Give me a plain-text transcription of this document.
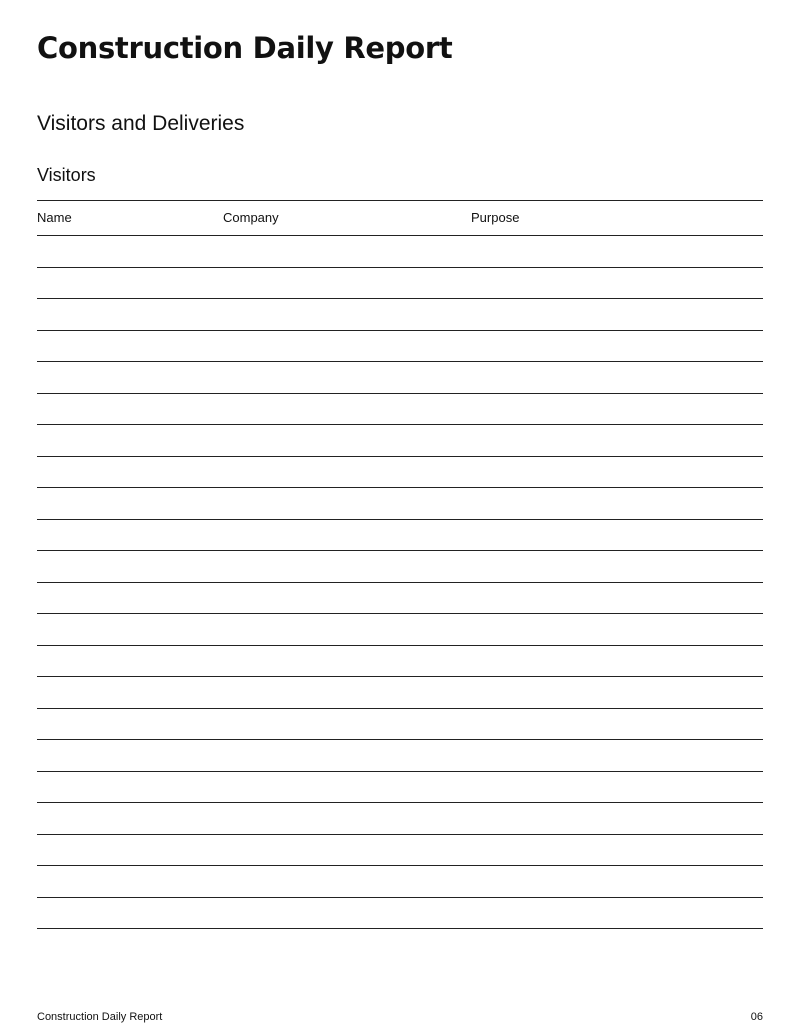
Construction Daily Report
Visitors and Deliveries
Visitors
Name	Company	Purpose
Construction Daily Report	06
